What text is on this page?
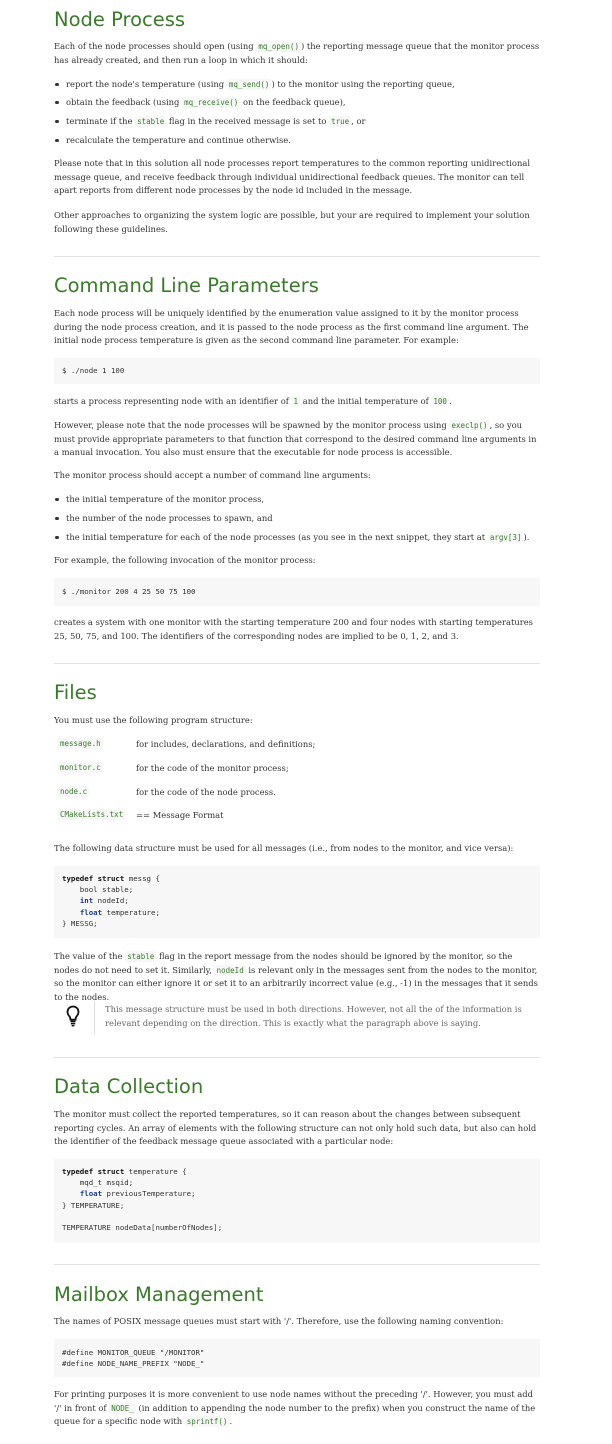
Node Process

Each of the node processes should open (using mq_open() ) the reporting message queue that the monitor process has already created, and then run a loop in which it should:

report the node's temperature (using mq_send() ) to the monitor using the reporting queue,
obtain the feedback (using mq_receive() on the feedback queue),
terminate if the stable flag in the received message is set to true , or
recalculate the temperature and continue otherwise.

Please note that in this solution all node processes report temperatures to the common reporting unidirectional message queue, and receive feedback through individual unidirectional feedback queues. The monitor can tell apart reports from different node processes by the node id included in the message.

Other approaches to organizing the system logic are possible, but your are required to implement your solution following these guidelines.

Command Line Parameters

Each node process will be uniquely identified by the enumeration value assigned to it by the monitor process during the node process creation, and it is passed to the node process as the first command line argument. The initial node process temperature is given as the second command line parameter. For example:

$ ./node 1 100

starts a process representing node with an identifier of 1 and the initial temperature of 100 .

However, please note that the node processes will be spawned by the monitor process using execlp() , so you must provide appropriate parameters to that function that correspond to the desired command line arguments in a manual invocation. You also must ensure that the executable for node process is accessible.

The monitor process should accept a number of command line arguments:

the initial temperature of the monitor process,
the number of the node processes to spawn, and
the initial temperature for each of the node processes (as you see in the next snippet, they start at argv[3] ).

For example, the following invocation of the monitor process:

$ ./monitor 200 4 25 50 75 100

creates a system with one monitor with the starting temperature 200 and four nodes with starting temperatures 25, 50, 75, and 100. The identifiers of the corresponding nodes are implied to be 0, 1, 2, and 3.

Files

You must use the following program structure:

message.h	for includes, declarations, and definitions;
monitor.c	for the code of the monitor process;
node.c	for the code of the node process.
CMakeLists.txt == Message Format

The following data structure must be used for all messages (i.e., from nodes to the monitor, and vice versa):

typedef struct messg {
bool stable;
int nodeId;
float temperature;
} MESSG;

The value of the stable flag in the report message from the nodes should be ignored by the monitor, so the nodes do not need to set it. Similarly, nodeId is relevant only in the messages sent from the nodes to the monitor, so the monitor can either ignore it or set it to an arbitrarily incorrect value (e.g., -1) in the messages that it sends to the nodes.

This message structure must be used in both directions. However, not all the of the information is relevant depending on the direction. This is exactly what the paragraph above is saying.
Data Collection

The monitor must collect the reported temperatures, so it can reason about the changes between subsequent reporting cycles. An array of elements with the following structure can not only hold such data, but also can hold the identifier of the feedback message queue associated with a particular node:

typedef struct temperature {
mqd_t msqid;
float previousTemperature;
} TEMPERATURE;

TEMPERATURE nodeData[numberOfNodes];
Mailbox Management

The names of POSIX message queues must start with '/'. Therefore, use the following naming convention:

#define MONITOR_QUEUE "/MONITOR"
#define NODE_NAME_PREFIX "NODE_"

For printing purposes it is more convenient to use node names without the preceding '/'. However, you must add '/' in front of NODE_ (in addition to appending the node number to the prefix) when you construct the name of the queue for a specific node with sprintf() .
